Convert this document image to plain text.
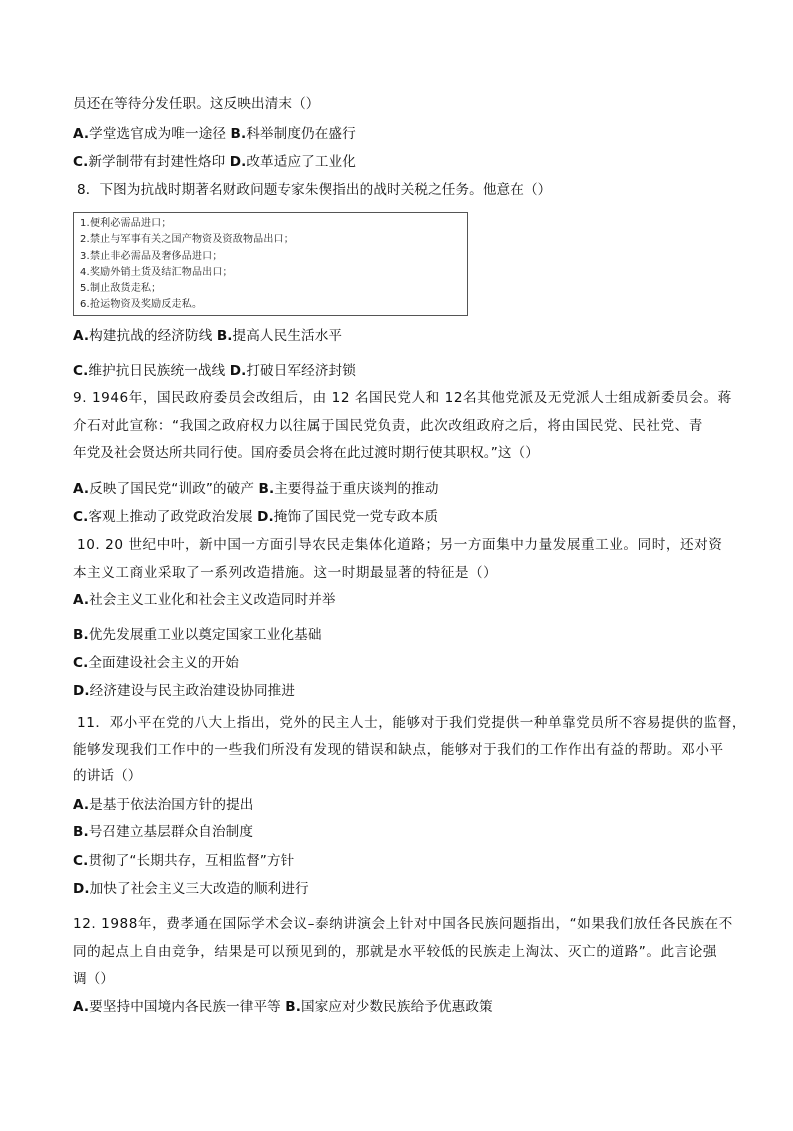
员还在等待分发任职。这反映出清末（）
A.学堂选官成为唯一途径 B.科举制度仍在盛行
C.新学制带有封建性烙印 D.改革适应了工业化
8．下图为抗战时期著名财政问题专家朱偰指出的战时关税之任务。他意在（）
1.便利必需品进口；
2.禁止与军事有关之国产物资及资敌物品出口；
3.禁止非必需品及奢侈品进口；
4.奖励外销土货及结汇物品出口；
5.制止敌货走私；
6.抢运物资及奖励反走私。
A.构建抗战的经济防线 B.提高人民生活水平
C.维护抗日民族统一战线 D.打破日军经济封锁
9. 1946年，国民政府委员会改组后，由 12 名国民党人和 12名其他党派及无党派人士组成新委员会。蒋
介石对此宣称：“我国之政府权力以往属于国民党负责，此次改组政府之后，将由国民党、民社党、青
年党及社会贤达所共同行使。国府委员会将在此过渡时期行使其职权。”这（）
A.反映了国民党“训政”的破产 B.主要得益于重庆谈判的推动
C.客观上推动了政党政治发展 D.掩饰了国民党一党专政本质
10. 20 世纪中叶，新中国一方面引导农民走集体化道路；另一方面集中力量发展重工业。同时，还对资
本主义工商业采取了一系列改造措施。这一时期最显著的特征是（）
A.社会主义工业化和社会主义改造同时并举
B.优先发展重工业以奠定国家工业化基础
C.全面建设社会主义的开始
D.经济建设与民主政治建设协同推进
11．邓小平在党的八大上指出，党外的民主人士，能够对于我们党提供一种单靠党员所不容易提供的监督，
能够发现我们工作中的一些我们所没有发现的错误和缺点，能够对于我们的工作作出有益的帮助。邓小平
的讲话（）
A.是基于依法治国方针的提出
B.号召建立基层群众自治制度
C.贯彻了“长期共存，互相监督”方针
D.加快了社会主义三大改造的顺利进行
12. 1988年，费孝通在国际学术会议–泰纳讲演会上针对中国各民族问题指出，“如果我们放任各民族在不
同的起点上自由竞争，结果是可以预见到的，那就是水平较低的民族走上淘汰、灭亡的道路”。此言论强
调（）
A.要坚持中国境内各民族一律平等 B.国家应对少数民族给予优惠政策
